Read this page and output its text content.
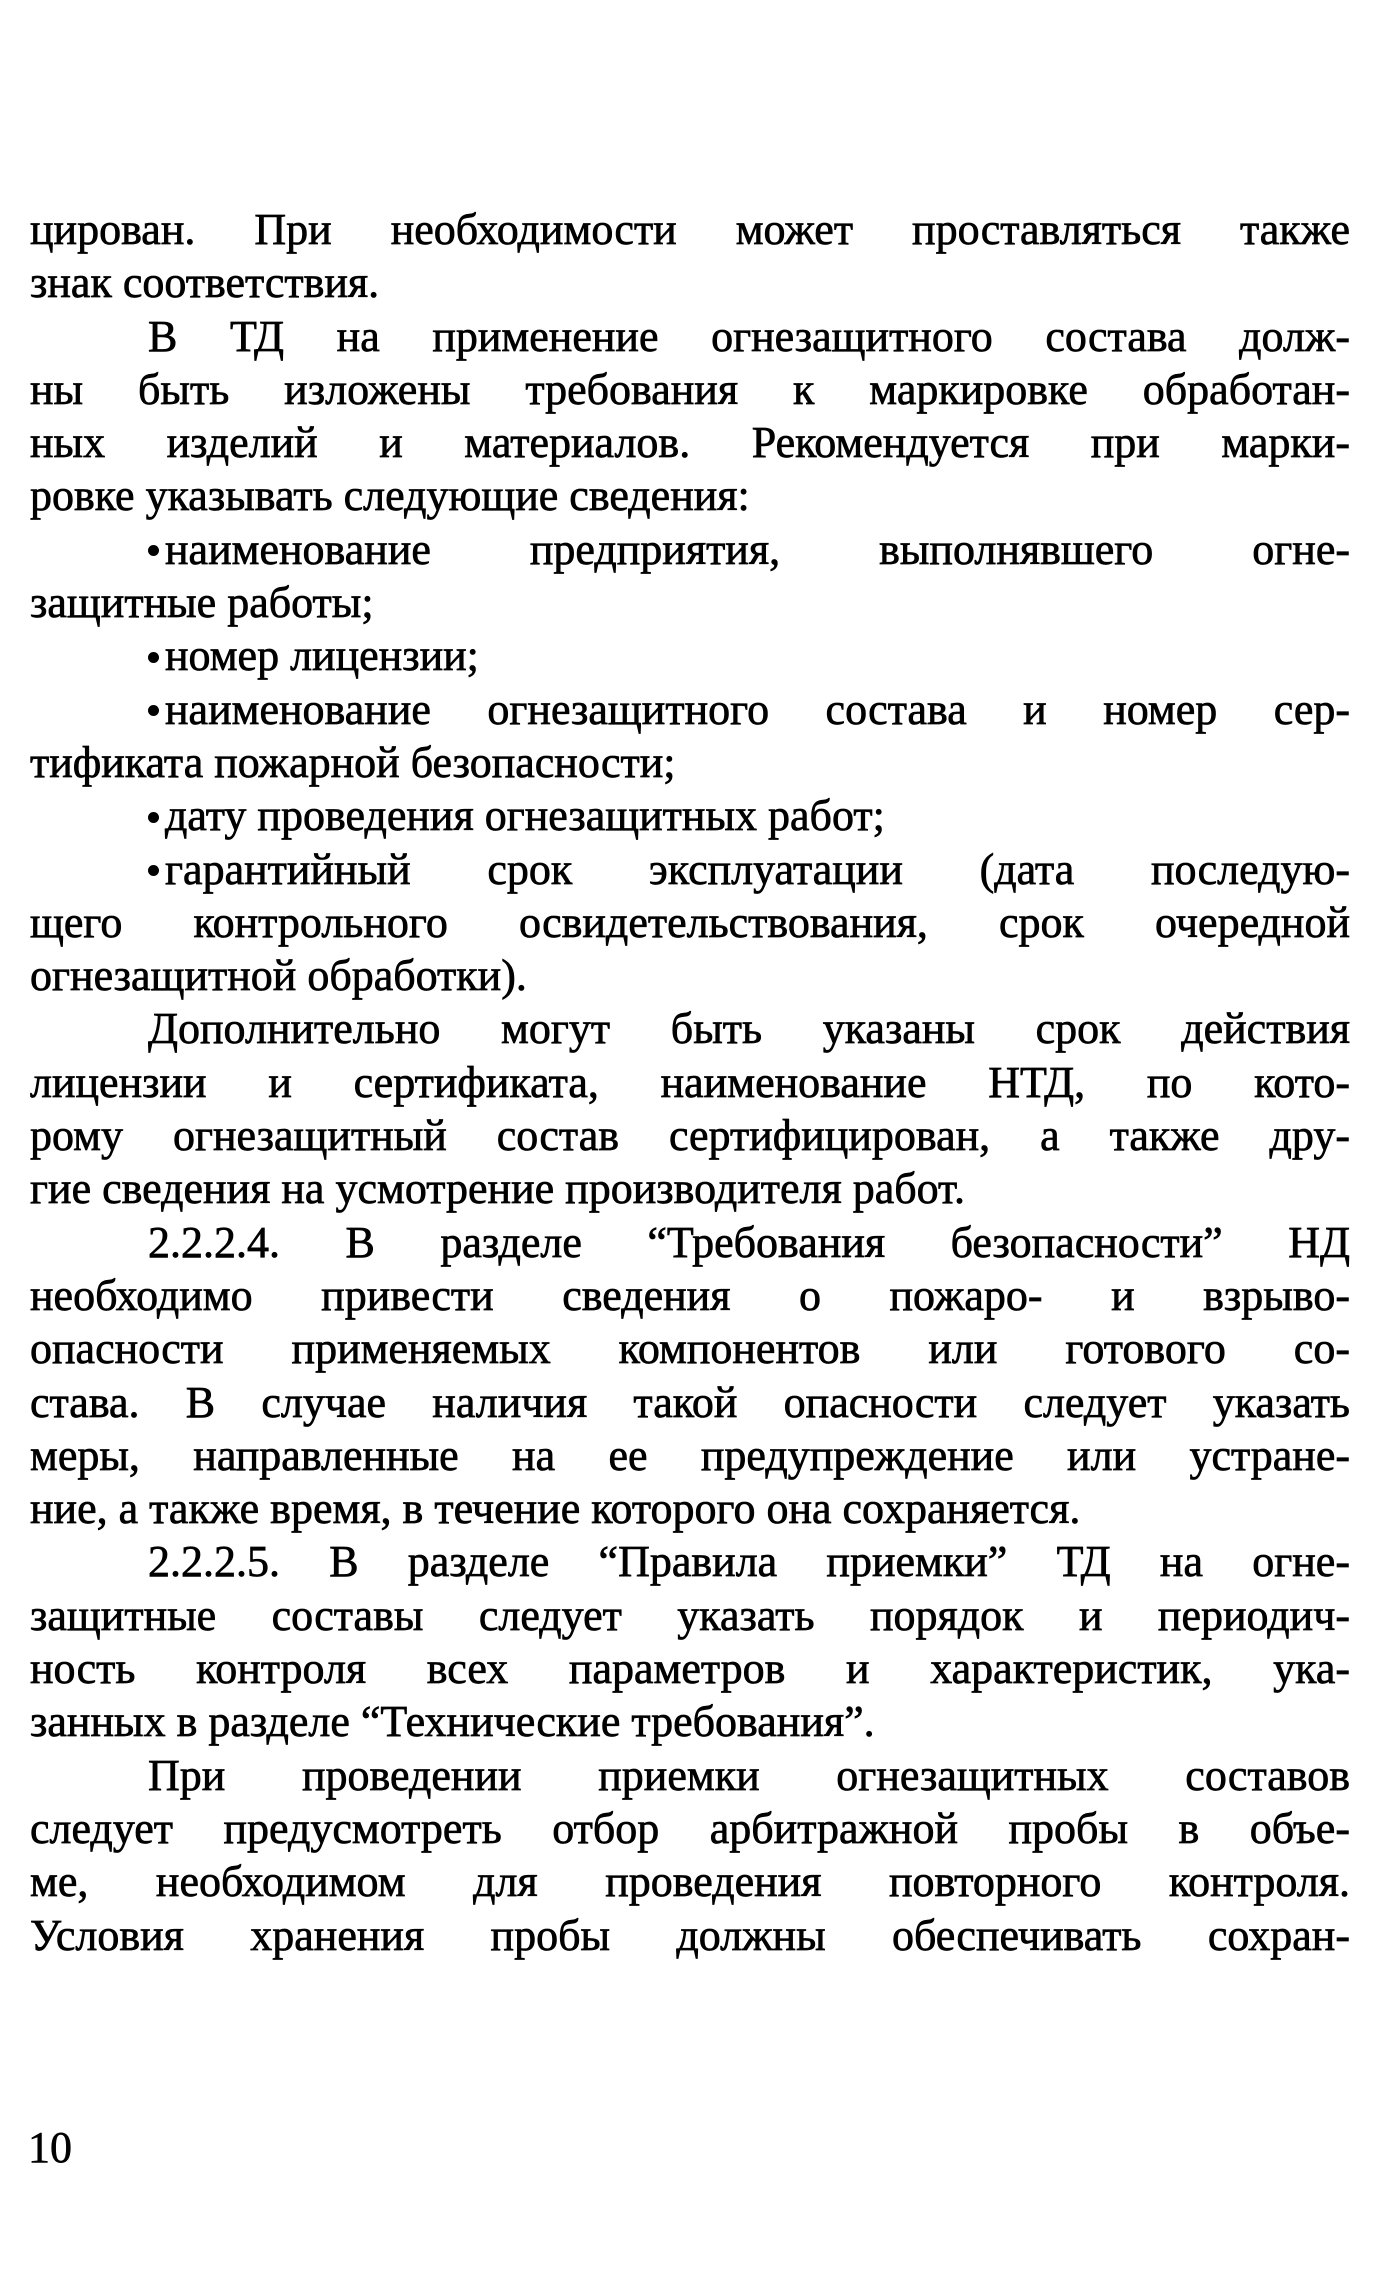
цирован. При необходимости может проставляться также
знак соответствия.
В ТД на применение огнезащитного состава долж-
ны быть изложены требования к маркировке обработан-
ных изделий и материалов. Рекомендуется при марки-
ровке указывать следующие сведения:
наименование предприятия, выполнявшего огне-
защитные работы;
номер лицензии;
наименование огнезащитного состава и номер сер-
тификата пожарной безопасности;
дату проведения огнезащитных работ;
гарантийный срок эксплуатации (дата последую-
щего контрольного освидетельствования, срок очередной
огнезащитной обработки).
Дополнительно могут быть указаны срок действия
лицензии и сертификата, наименование НТД, по кото-
рому огнезащитный состав сертифицирован, а также дру-
гие сведения на усмотрение производителя работ.
2.2.2.4. В разделе “Требования безопасности” НД
необходимо привести сведения о пожаро- и взрыво-
опасности применяемых компонентов или готового со-
става. В случае наличия такой опасности следует указать
меры, направленные на ее предупреждение или устране-
ние, а также время, в течение которого она сохраняется.
2.2.2.5. В разделе “Правила приемки” ТД на огне-
защитные составы следует указать порядок и периодич-
ность контроля всех параметров и характеристик, ука-
занных в разделе “Технические требования”.
При проведении приемки огнезащитных составов
следует предусмотреть отбор арбитражной пробы в объе-
ме, необходимом для проведения повторного контроля.
Условия хранения пробы должны обеспечивать сохран-
10
